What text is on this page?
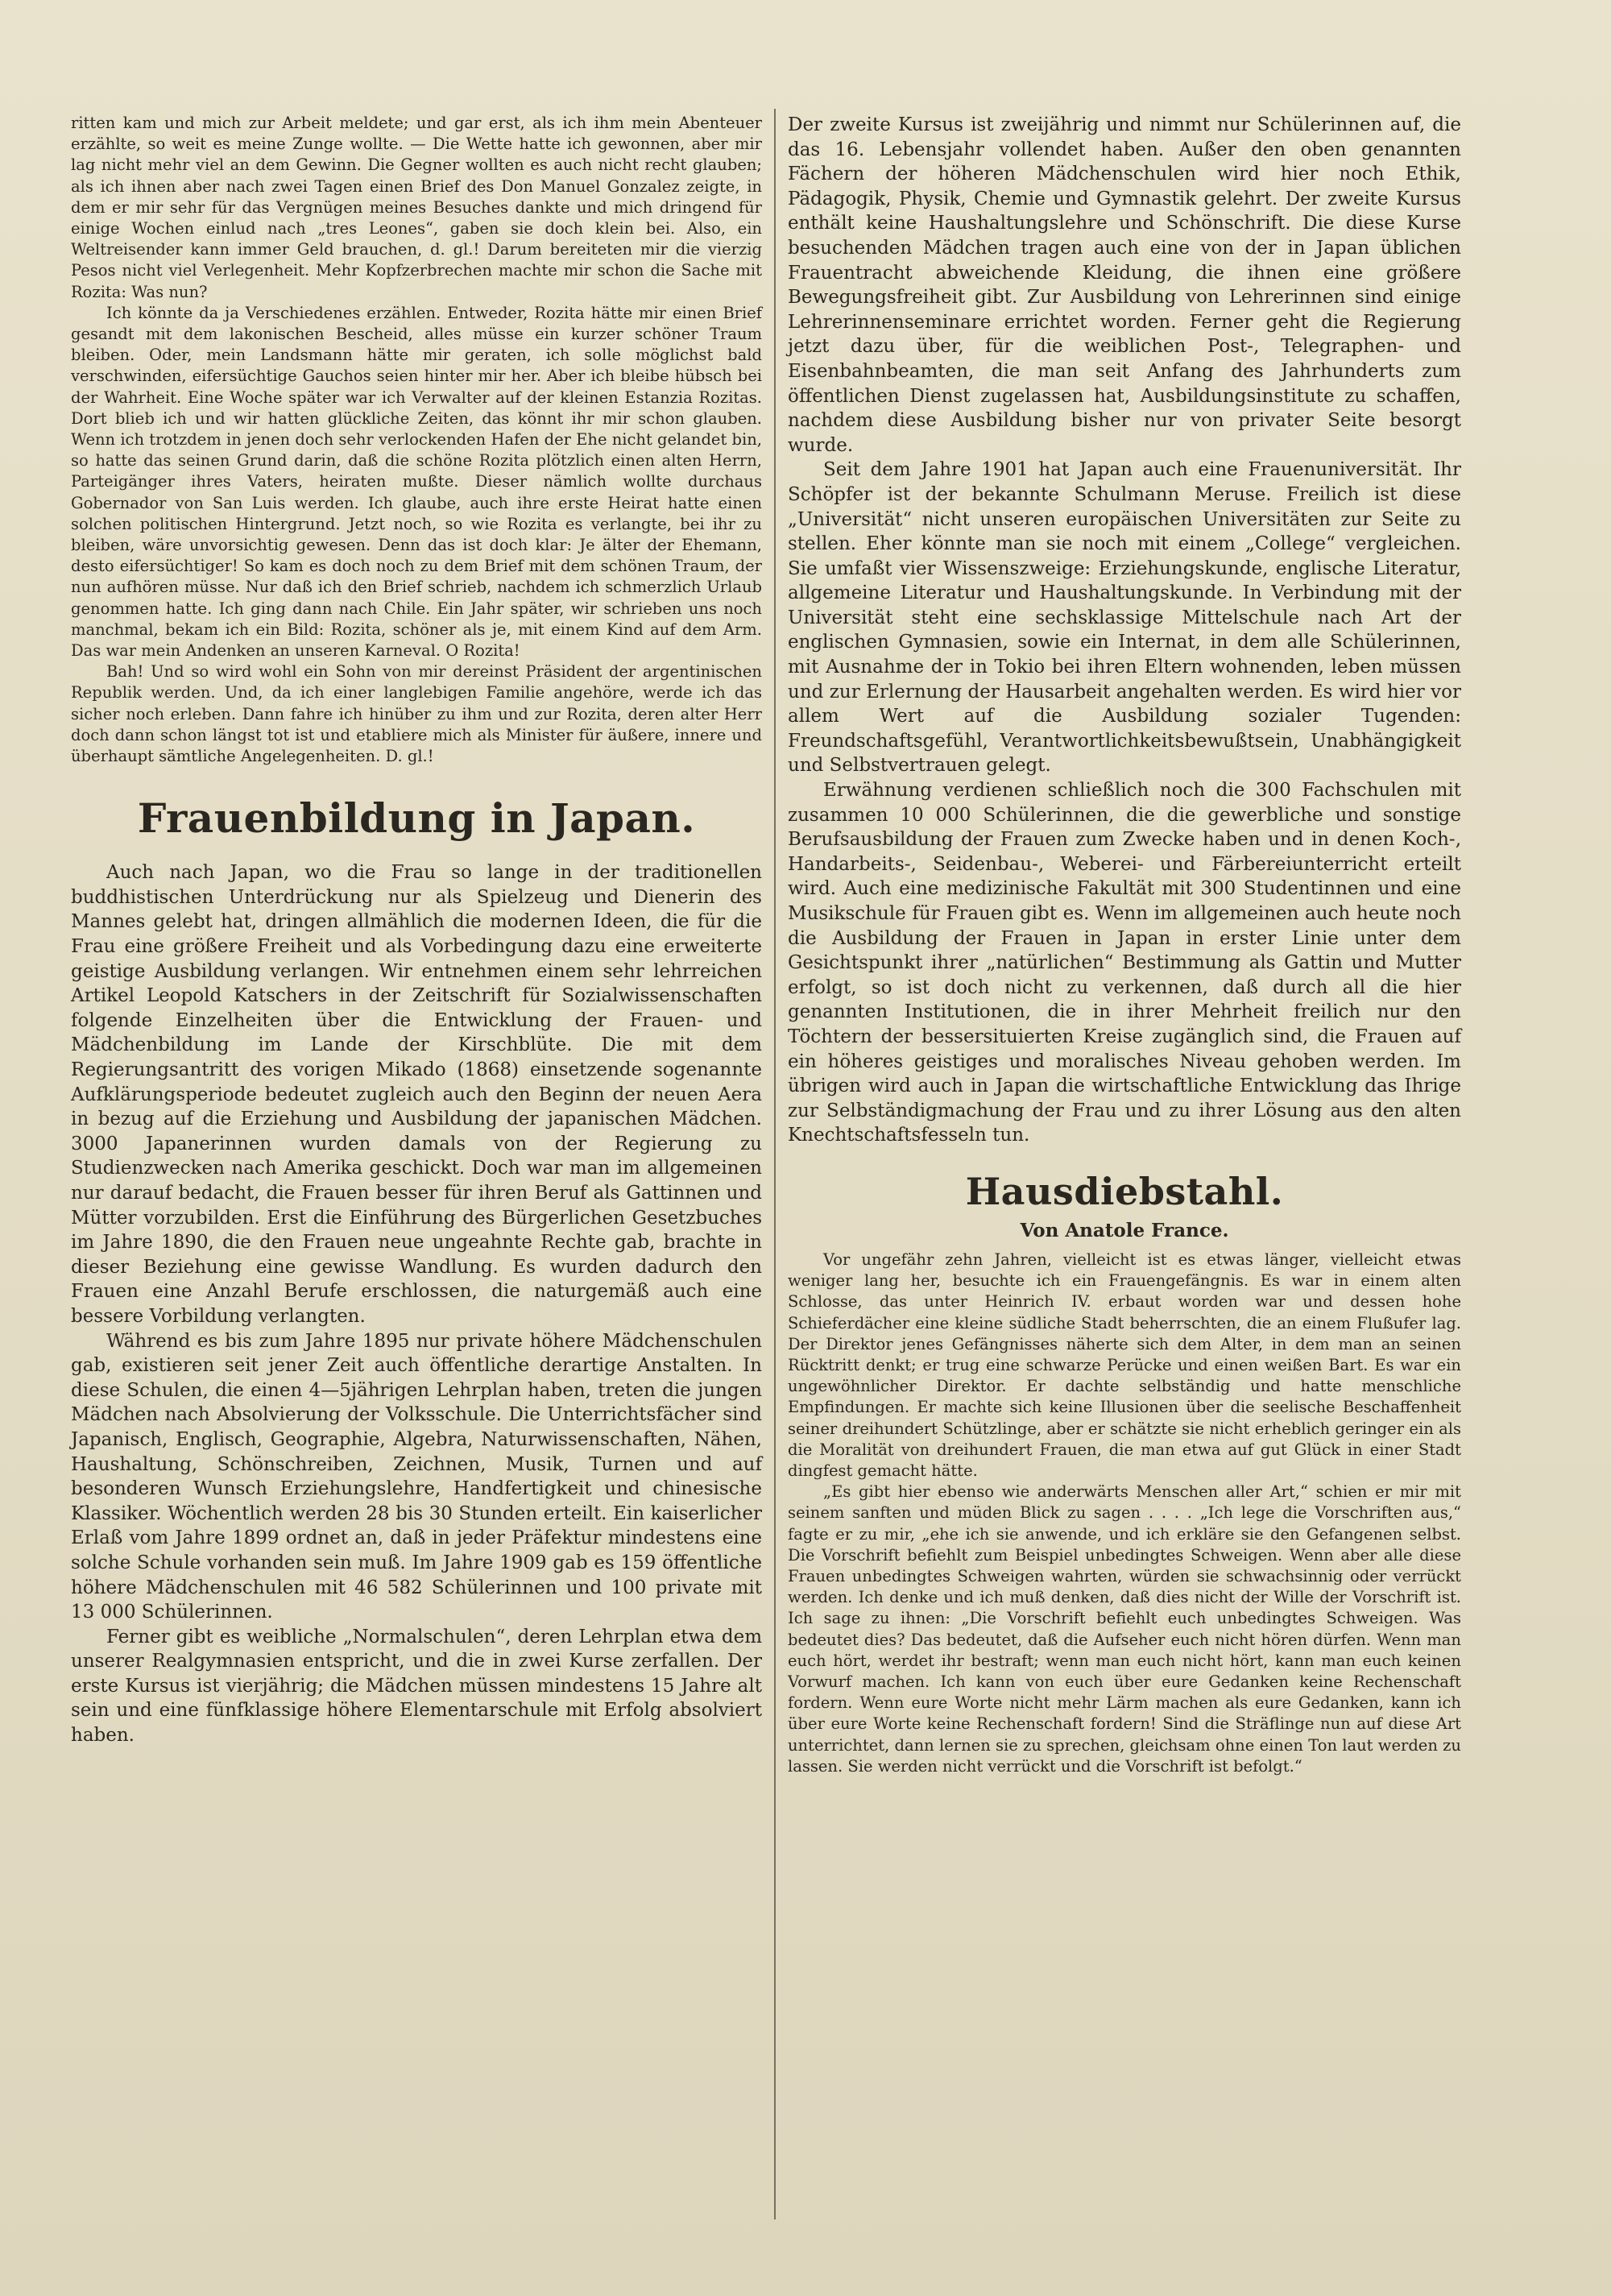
ritten kam und mich zur Arbeit meldete; und gar erst, als ich ihm mein Abenteuer erzählte, so weit es meine Zunge wollte. — Die Wette hatte ich gewonnen, aber mir lag nicht mehr viel an dem Gewinn. Die Gegner wollten es auch nicht recht glauben; als ich ihnen aber nach zwei Tagen einen Brief des Don Manuel Gonzalez zeigte, in dem er mir sehr für das Vergnügen meines Besuches dankte und mich dringend für einige Wochen einlud nach „tres Leones“, gaben sie doch klein bei. Also, ein Weltreisender kann immer Geld brauchen, d. gl.! Darum bereiteten mir die vierzig Pesos nicht viel Verlegenheit. Mehr Kopfzerbrechen machte mir schon die Sache mit Rozita: Was nun?

Ich könnte da ja Verschiedenes erzählen. Entweder, Rozita hätte mir einen Brief gesandt mit dem lakonischen Bescheid, alles müsse ein kurzer schöner Traum bleiben. Oder, mein Landsmann hätte mir geraten, ich solle möglichst bald verschwinden, eifersüchtige Gauchos seien hinter mir her. Aber ich bleibe hübsch bei der Wahrheit. Eine Woche später war ich Verwalter auf der kleinen Estanzia Rozitas. Dort blieb ich und wir hatten glückliche Zeiten, das könnt ihr mir schon glauben. Wenn ich trotzdem in jenen doch sehr verlockenden Hafen der Ehe nicht gelandet bin, so hatte das seinen Grund darin, daß die schöne Rozita plötzlich einen alten Herrn, Parteigänger ihres Vaters, heiraten mußte. Dieser nämlich wollte durchaus Gobernador von San Luis werden. Ich glaube, auch ihre erste Heirat hatte einen solchen politischen Hintergrund. Jetzt noch, so wie Rozita es verlangte, bei ihr zu bleiben, wäre unvorsichtig gewesen. Denn das ist doch klar: Je älter der Ehemann, desto eifersüchtiger! So kam es doch noch zu dem Brief mit dem schönen Traum, der nun aufhören müsse. Nur daß ich den Brief schrieb, nachdem ich schmerzlich Urlaub genommen hatte. Ich ging dann nach Chile. Ein Jahr später, wir schrieben uns noch manchmal, bekam ich ein Bild: Rozita, schöner als je, mit einem Kind auf dem Arm. Das war mein Andenken an unseren Karneval. O Rozita!

Bah! Und so wird wohl ein Sohn von mir dereinst Präsident der argentinischen Republik werden. Und, da ich einer langlebigen Familie angehöre, werde ich das sicher noch erleben. Dann fahre ich hinüber zu ihm und zur Rozita, deren alter Herr doch dann schon längst tot ist und etabliere mich als Minister für äußere, innere und überhaupt sämtliche Angelegenheiten. D. gl.!

Frauenbildung in Japan.

Auch nach Japan, wo die Frau so lange in der traditionellen buddhistischen Unterdrückung nur als Spielzeug und Dienerin des Mannes gelebt hat, dringen allmählich die modernen Ideen, die für die Frau eine größere Freiheit und als Vorbedingung dazu eine erweiterte geistige Ausbildung verlangen. Wir entnehmen einem sehr lehrreichen Artikel Leopold Katschers in der Zeitschrift für Sozialwissenschaften folgende Einzelheiten über die Entwicklung der Frauen- und Mädchenbildung im Lande der Kirschblüte. Die mit dem Regierungsantritt des vorigen Mikado (1868) einsetzende sogenannte Aufklärungsperiode bedeutet zugleich auch den Beginn der neuen Aera in bezug auf die Erziehung und Ausbildung der japanischen Mädchen. 3000 Japanerinnen wurden damals von der Regierung zu Studienzwecken nach Amerika geschickt. Doch war man im allgemeinen nur darauf bedacht, die Frauen besser für ihren Beruf als Gattinnen und Mütter vorzubilden. Erst die Einführung des Bürgerlichen Gesetzbuches im Jahre 1890, die den Frauen neue ungeahnte Rechte gab, brachte in dieser Beziehung eine gewisse Wandlung. Es wurden dadurch den Frauen eine Anzahl Berufe erschlossen, die naturgemäß auch eine bessere Vorbildung verlangten.

Während es bis zum Jahre 1895 nur private höhere Mädchenschulen gab, existieren seit jener Zeit auch öffentliche derartige Anstalten. In diese Schulen, die einen 4—5jährigen Lehrplan haben, treten die jungen Mädchen nach Absolvierung der Volksschule. Die Unterrichtsfächer sind Japanisch, Englisch, Geographie, Algebra, Naturwissenschaften, Nähen, Haushaltung, Schönschreiben, Zeichnen, Musik, Turnen und auf besonderen Wunsch Erziehungslehre, Handfertigkeit und chinesische Klassiker. Wöchentlich werden 28 bis 30 Stunden erteilt. Ein kaiserlicher Erlaß vom Jahre 1899 ordnet an, daß in jeder Präfektur mindestens eine solche Schule vorhanden sein muß. Im Jahre 1909 gab es 159 öffentliche höhere Mädchenschulen mit 46 582 Schülerinnen und 100 private mit 13 000 Schülerinnen.

Ferner gibt es weibliche „Normalschulen“, deren Lehrplan etwa dem unserer Realgymnasien entspricht, und die in zwei Kurse zerfallen. Der erste Kursus ist vierjährig; die Mädchen müssen mindestens 15 Jahre alt sein und eine fünfklassige höhere Elementarschule mit Erfolg absolviert haben.

Der zweite Kursus ist zweijährig und nimmt nur Schülerinnen auf, die das 16. Lebensjahr vollendet haben. Außer den oben genannten Fächern der höheren Mädchenschulen wird hier noch Ethik, Pädagogik, Physik, Chemie und Gymnastik gelehrt. Der zweite Kursus enthält keine Haushaltungslehre und Schönschrift. Die diese Kurse besuchenden Mädchen tragen auch eine von der in Japan üblichen Frauentracht abweichende Kleidung, die ihnen eine größere Bewegungsfreiheit gibt. Zur Ausbildung von Lehrerinnen sind einige Lehrerinnenseminare errichtet worden. Ferner geht die Regierung jetzt dazu über, für die weiblichen Post-, Telegraphen- und Eisenbahnbeamten, die man seit Anfang des Jahrhunderts zum öffentlichen Dienst zugelassen hat, Ausbildungsinstitute zu schaffen, nachdem diese Ausbildung bisher nur von privater Seite besorgt wurde.

Seit dem Jahre 1901 hat Japan auch eine Frauenuniversität. Ihr Schöpfer ist der bekannte Schulmann Meruse. Freilich ist diese „Universität“ nicht unseren europäischen Universitäten zur Seite zu stellen. Eher könnte man sie noch mit einem „College“ vergleichen. Sie umfaßt vier Wissenszweige: Erziehungskunde, englische Literatur, allgemeine Literatur und Haushaltungskunde. In Verbindung mit der Universität steht eine sechsklassige Mittelschule nach Art der englischen Gymnasien, sowie ein Internat, in dem alle Schülerinnen, mit Ausnahme der in Tokio bei ihren Eltern wohnenden, leben müssen und zur Erlernung der Hausarbeit angehalten werden. Es wird hier vor allem Wert auf die Ausbildung sozialer Tugenden: Freundschaftsgefühl, Verantwortlichkeitsbewußtsein, Unabhängigkeit und Selbstvertrauen gelegt.

Erwähnung verdienen schließlich noch die 300 Fachschulen mit zusammen 10 000 Schülerinnen, die die gewerbliche und sonstige Berufsausbildung der Frauen zum Zwecke haben und in denen Koch-, Handarbeits-, Seidenbau-, Weberei- und Färbereiunterricht erteilt wird. Auch eine medizinische Fakultät mit 300 Studentinnen und eine Musikschule für Frauen gibt es. Wenn im allgemeinen auch heute noch die Ausbildung der Frauen in Japan in erster Linie unter dem Gesichtspunkt ihrer „natürlichen“ Bestimmung als Gattin und Mutter erfolgt, so ist doch nicht zu verkennen, daß durch all die hier genannten Institutionen, die in ihrer Mehrheit freilich nur den Töchtern der bessersituierten Kreise zugänglich sind, die Frauen auf ein höheres geistiges und moralisches Niveau gehoben werden. Im übrigen wird auch in Japan die wirtschaftliche Entwicklung das Ihrige zur Selbständigmachung der Frau und zu ihrer Lösung aus den alten Knechtschaftsfesseln tun.

Hausdiebstahl.
Von Anatole France.

Vor ungefähr zehn Jahren, vielleicht ist es etwas länger, vielleicht etwas weniger lang her, besuchte ich ein Frauengefängnis. Es war in einem alten Schlosse, das unter Heinrich IV. erbaut worden war und dessen hohe Schieferdächer eine kleine südliche Stadt beherrschten, die an einem Flußufer lag. Der Direktor jenes Gefängnisses näherte sich dem Alter, in dem man an seinen Rücktritt denkt; er trug eine schwarze Perücke und einen weißen Bart. Es war ein ungewöhnlicher Direktor. Er dachte selbständig und hatte menschliche Empfindungen. Er machte sich keine Illusionen über die seelische Beschaffenheit seiner dreihundert Schützlinge, aber er schätzte sie nicht erheblich geringer ein als die Moralität von dreihundert Frauen, die man etwa auf gut Glück in einer Stadt dingfest gemacht hätte.

„Es gibt hier ebenso wie anderwärts Menschen aller Art,“ schien er mir mit seinem sanften und müden Blick zu sagen . . . . „Ich lege die Vorschriften aus,“ fagte er zu mir, „ehe ich sie anwende, und ich erkläre sie den Gefangenen selbst. Die Vorschrift befiehlt zum Beispiel unbedingtes Schweigen. Wenn aber alle diese Frauen unbedingtes Schweigen wahrten, würden sie schwachsinnig oder verrückt werden. Ich denke und ich muß denken, daß dies nicht der Wille der Vorschrift ist. Ich sage zu ihnen: „Die Vorschrift befiehlt euch unbedingtes Schweigen. Was bedeutet dies? Das bedeutet, daß die Aufseher euch nicht hören dürfen. Wenn man euch hört, werdet ihr bestraft; wenn man euch nicht hört, kann man euch keinen Vorwurf machen. Ich kann von euch über eure Gedanken keine Rechenschaft fordern. Wenn eure Worte nicht mehr Lärm machen als eure Gedanken, kann ich über eure Worte keine Rechenschaft fordern! Sind die Sträflinge nun auf diese Art unterrichtet, dann lernen sie zu sprechen, gleichsam ohne einen Ton laut werden zu lassen. Sie werden nicht verrückt und die Vorschrift ist befolgt.“
